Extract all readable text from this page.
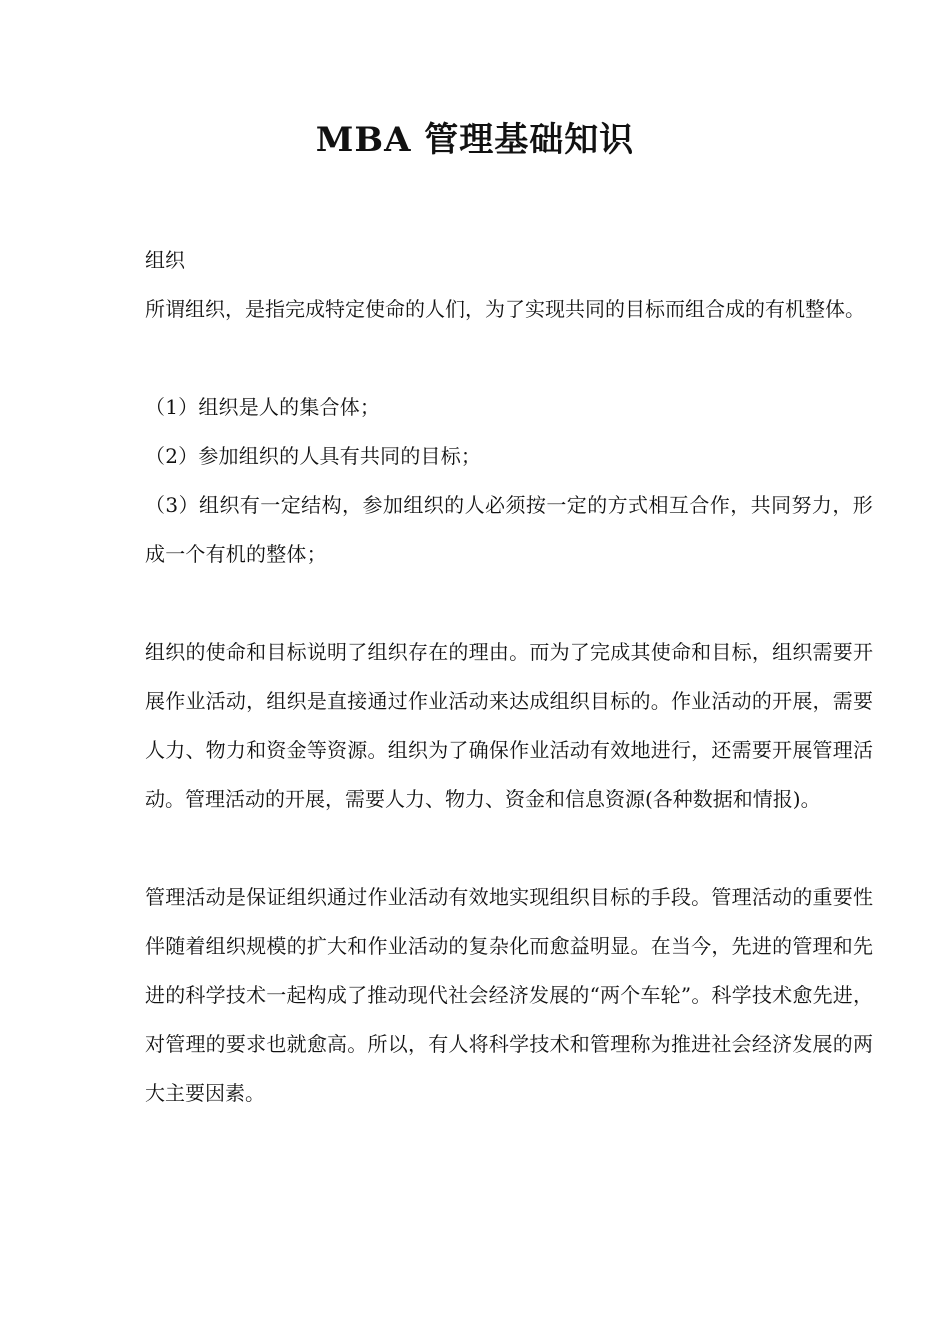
MBA 管理基础知识

组织

所谓组织，是指完成特定使命的人们，为了实现共同的目标而组合成的有机整体。

（1）组织是人的集合体；

（2）参加组织的人具有共同的目标；

（3）组织有一定结构，参加组织的人必须按一定的方式相互合作，共同努力，形成一个有机的整体；

组织的使命和目标说明了组织存在的理由。而为了完成其使命和目标，组织需要开展作业活动，组织是直接通过作业活动来达成组织目标的。作业活动的开展，需要人力、物力和资金等资源。组织为了确保作业活动有效地进行，还需要开展管理活动。管理活动的开展，需要人力、物力、资金和信息资源(各种数据和情报)。

管理活动是保证组织通过作业活动有效地实现组织目标的手段。管理活动的重要性伴随着组织规模的扩大和作业活动的复杂化而愈益明显。在当今，先进的管理和先进的科学技术一起构成了推动现代社会经济发展的“两个车轮”。科学技术愈先进，对管理的要求也就愈高。所以，有人将科学技术和管理称为推进社会经济发展的两大主要因素。
